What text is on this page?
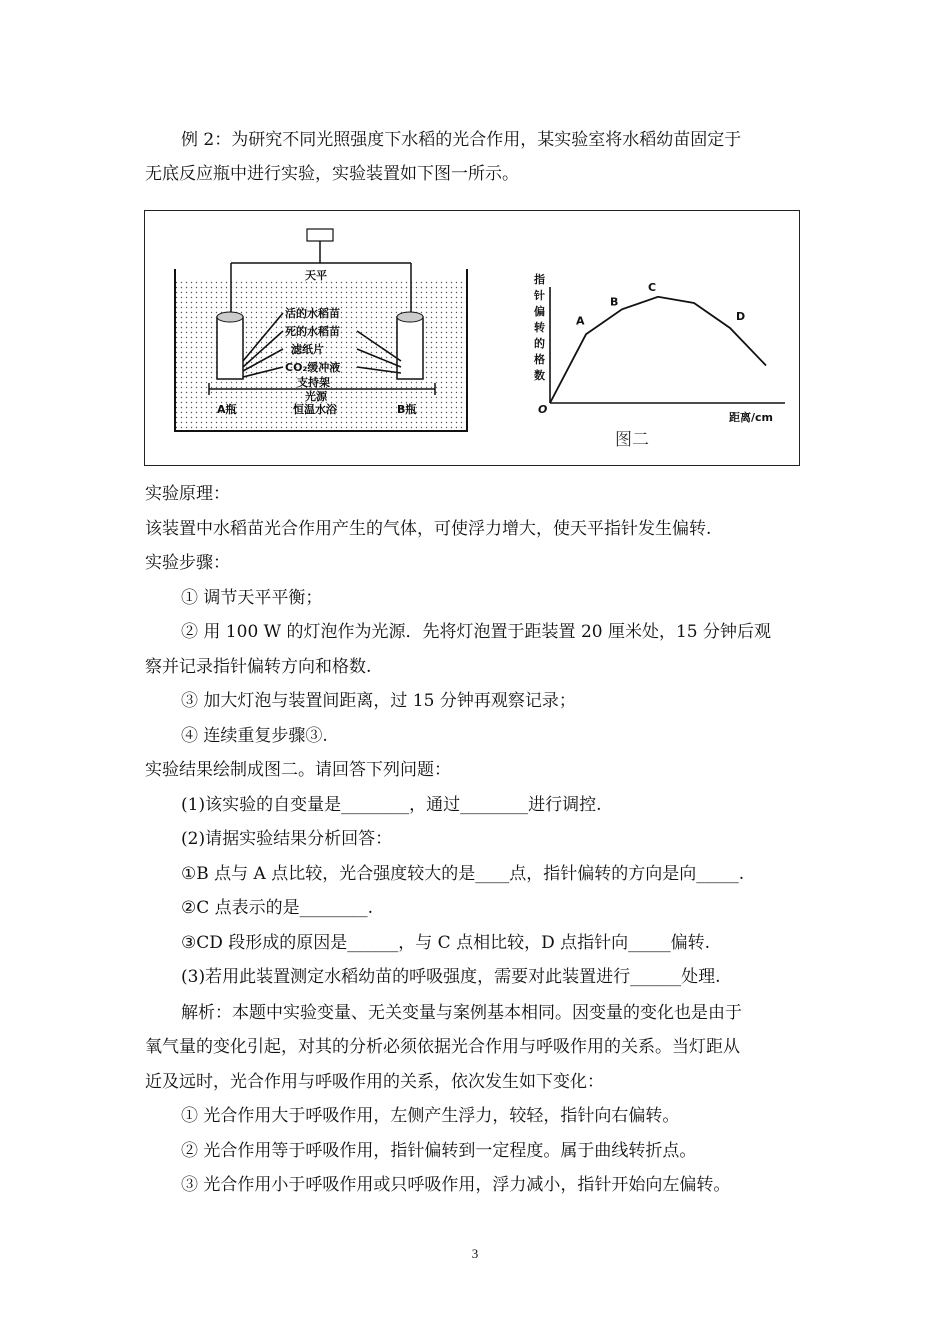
例 2：为研究不同光照强度下水稻的光合作用，某实验室将水稻幼苗固定于
无底反应瓶中进行实验，实验装置如下图一所示。
天平
活的水稻苗
死的水稻苗
滤纸片
CO₂缓冲液
支持架
光源
A瓶	恒温水浴	B瓶
指
针
偏
转
的
格
数
O
距离/cm
图二
A
B
C
D
实验原理：
该装置中水稻苗光合作用产生的气体，可使浮力增大，使天平指针发生偏转.
实验步骤：
① 调节天平平衡；
② 用 100 W 的灯泡作为光源．先将灯泡置于距装置 20 厘米处，15 分钟后观
察并记录指针偏转方向和格数.
③ 加大灯泡与装置间距离，过 15 分钟再观察记录；
④ 连续重复步骤③.
实验结果绘制成图二。请回答下列问题：
(1)该实验的自变量是________，通过________进行调控.
(2)请据实验结果分析回答：
①B 点与 A 点比较，光合强度较大的是____点，指针偏转的方向是向_____.
②C 点表示的是________.
③CD 段形成的原因是______，与 C 点相比较，D 点指针向_____偏转.
(3)若用此装置测定水稻幼苗的呼吸强度，需要对此装置进行______处理.
解析：本题中实验变量、无关变量与案例基本相同。因变量的变化也是由于
氧气量的变化引起，对其的分析必须依据光合作用与呼吸作用的关系。当灯距从
近及远时，光合作用与呼吸作用的关系，依次发生如下变化：
① 光合作用大于呼吸作用，左侧产生浮力，较轻，指针向右偏转。
② 光合作用等于呼吸作用，指针偏转到一定程度。属于曲线转折点。
③ 光合作用小于呼吸作用或只呼吸作用，浮力减小，指针开始向左偏转。
3
